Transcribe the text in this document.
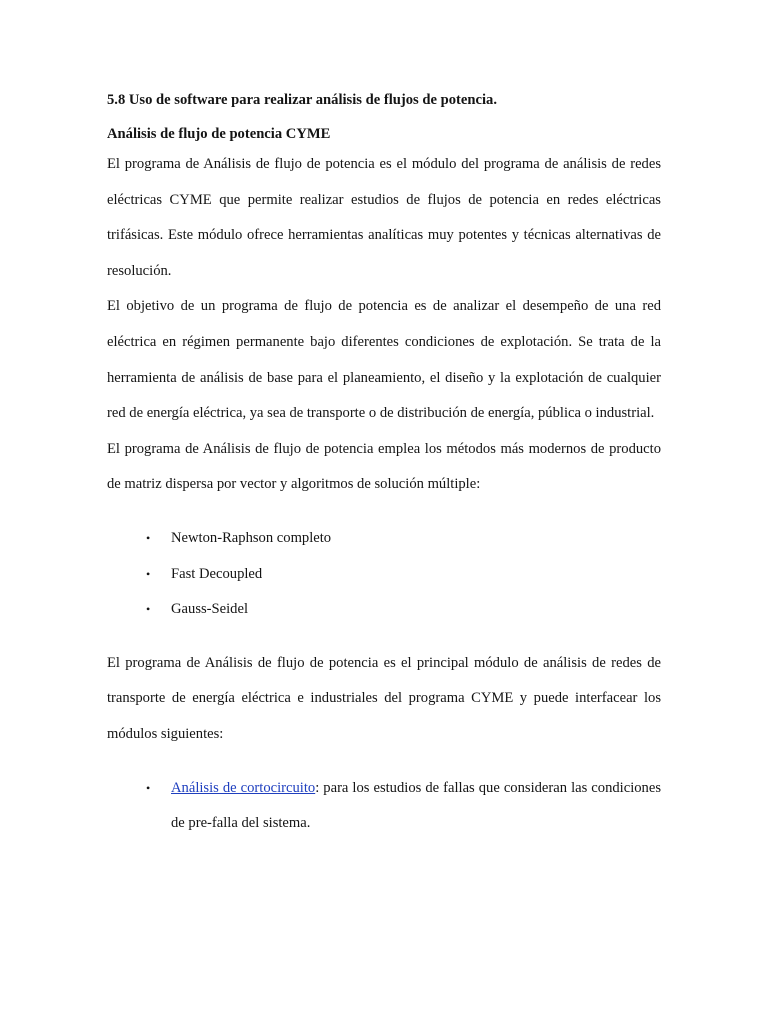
5.8 Uso de software para realizar análisis de flujos de potencia.

Análisis de flujo de potencia CYME

El programa de Análisis de flujo de potencia es el módulo del programa de análisis de redes eléctricas CYME que permite realizar estudios de flujos de potencia en redes eléctricas trifásicas. Este módulo ofrece herramientas analíticas muy potentes y técnicas alternativas de resolución.

El objetivo de un programa de flujo de potencia es de analizar el desempeño de una red eléctrica en régimen permanente bajo diferentes condiciones de explotación. Se trata de la herramienta de análisis de base para el planeamiento, el diseño y la explotación de cualquier red de energía eléctrica, ya sea de transporte o de distribución de energía, pública o industrial.

El programa de Análisis de flujo de potencia emplea los métodos más modernos de producto de matriz dispersa por vector y algoritmos de solución múltiple:

• Newton-Raphson completo
• Fast Decoupled
• Gauss-Seidel

El programa de Análisis de flujo de potencia es el principal módulo de análisis de redes de transporte de energía eléctrica e industriales del programa CYME y puede interfacear los módulos siguientes:

• Análisis de cortocircuito: para los estudios de fallas que consideran las condiciones de pre-falla del sistema.
